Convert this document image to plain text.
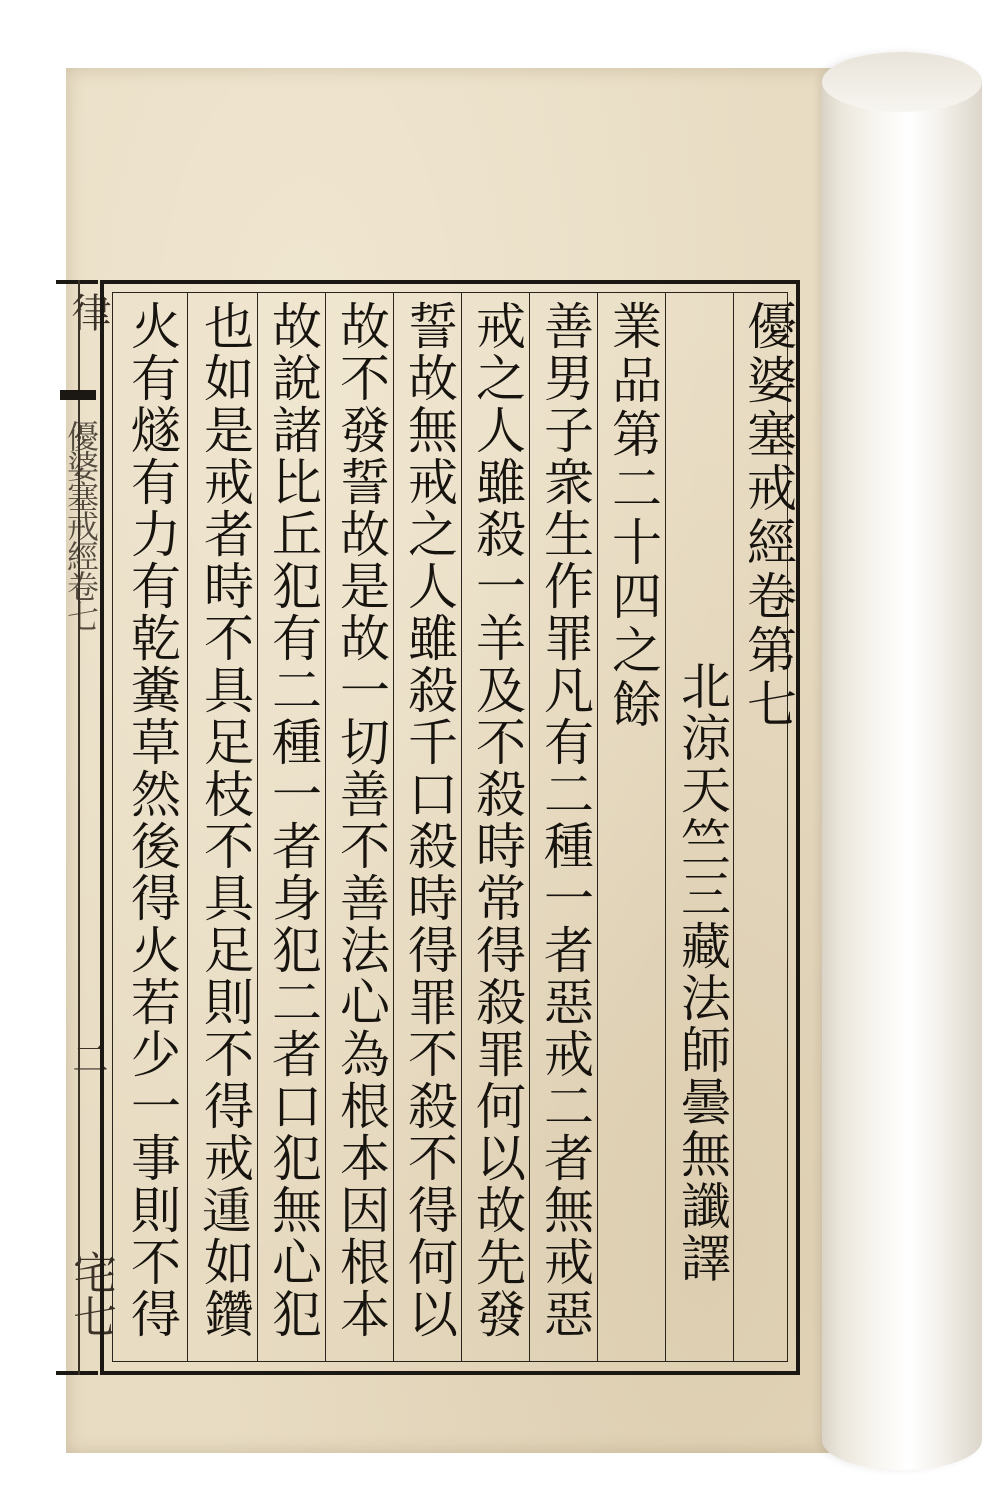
律
優婆塞戒經卷七
二
宅七
優婆塞戒經卷第七
北涼天竺三藏法師曇無讖譯
業品第二十四之餘
善男子衆生作罪凡有二種一者惡戒二者無戒惡
戒之人雖殺一羊及不殺時常得殺罪何以故先發
誓故無戒之人雖殺千口殺時得罪不殺不得何以
故不發誓故是故一切善不善法心為根本因根本
故說諸比丘犯有二種一者身犯二者口犯無心犯
也如是戒者時不具足枝不具足則不得戒𨔝如鑽
火有燧有力有乾糞草然後得火若少一事則不得
